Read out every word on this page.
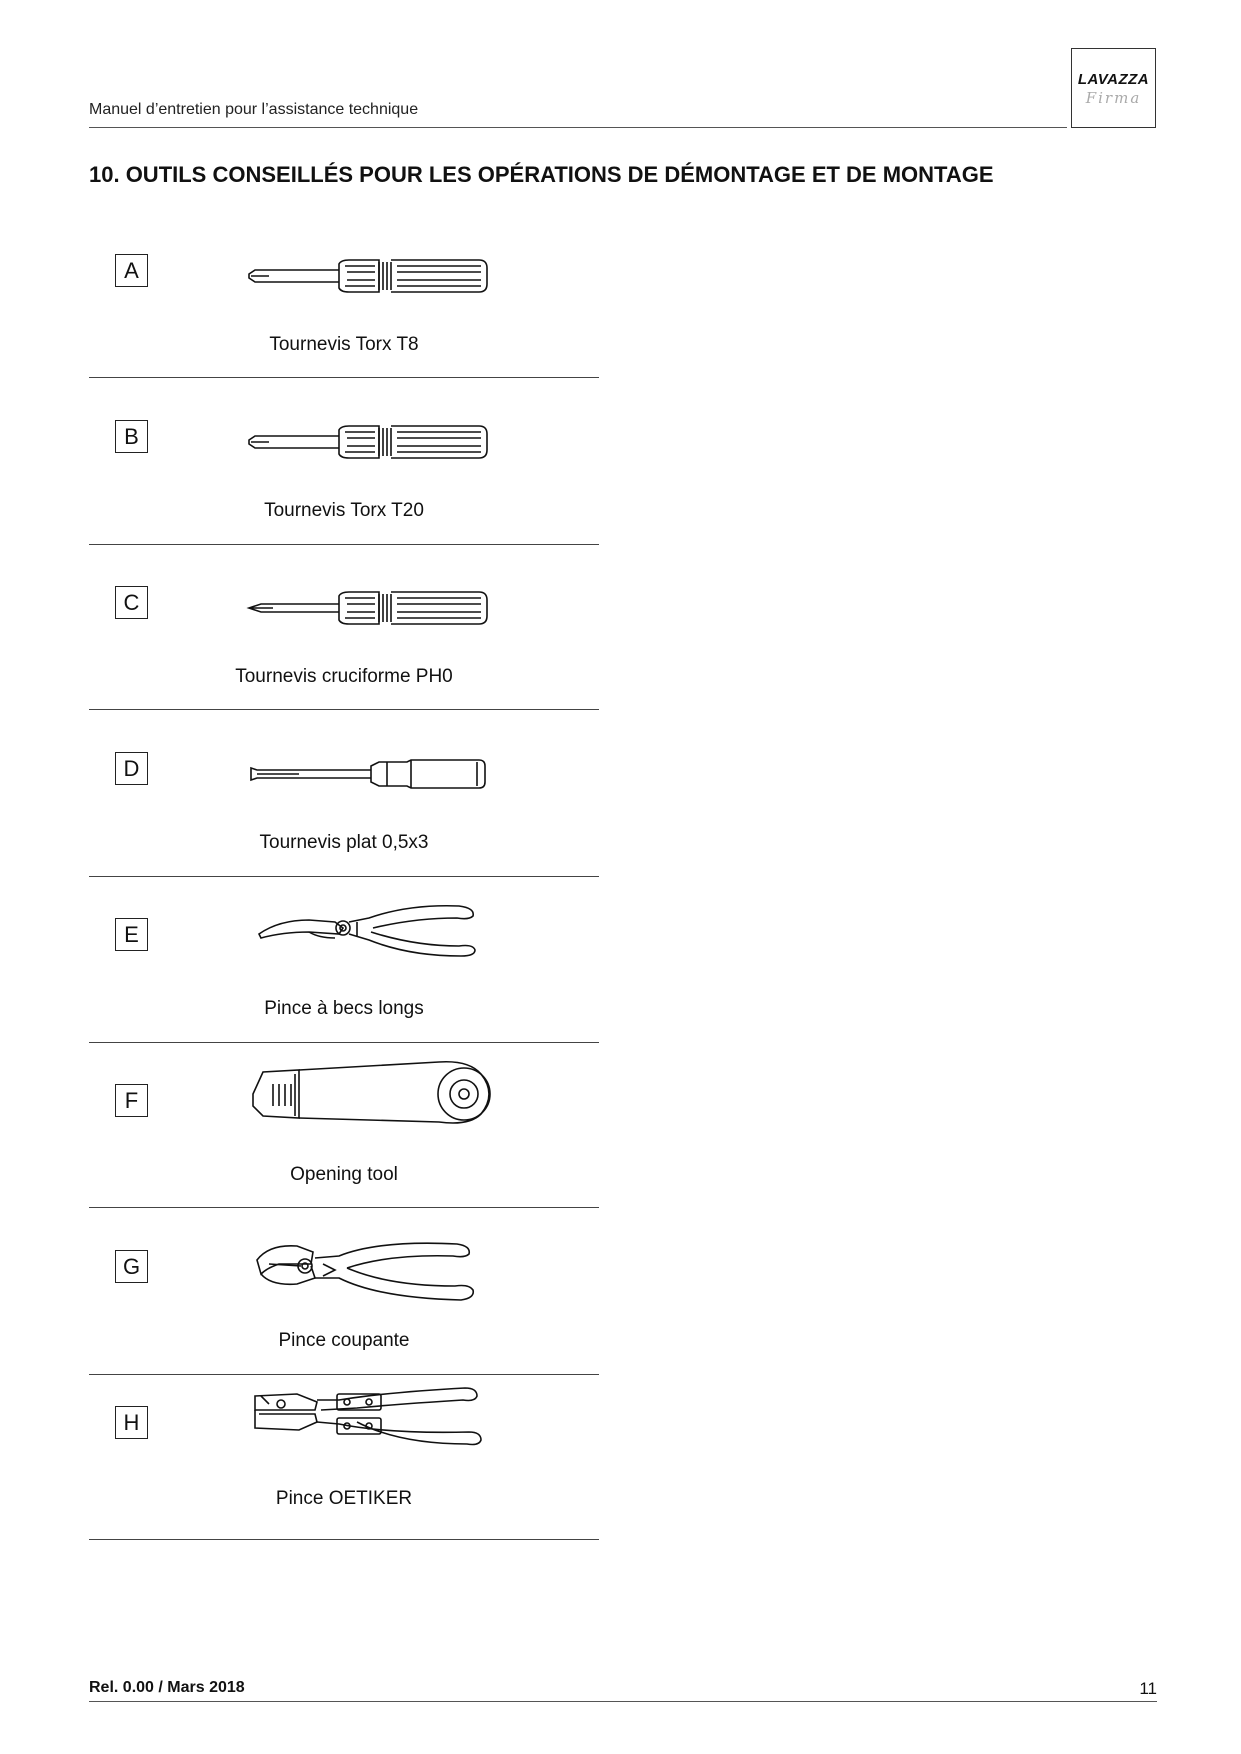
Manuel d’entretien pour l’assistance technique
LAVAZZA
Firma
10. OUTILS CONSEILLÉS POUR LES OPÉRATIONS DE DÉMONTAGE ET DE MONTAGE
A
Tournevis Torx T8
B
Tournevis Torx T20
C
Tournevis cruciforme PH0
D
Tournevis plat 0,5x3
E
Pince à becs longs
F
Opening tool
G
Pince coupante
H
Pince OETIKER
Rel. 0.00 / Mars 2018	11
